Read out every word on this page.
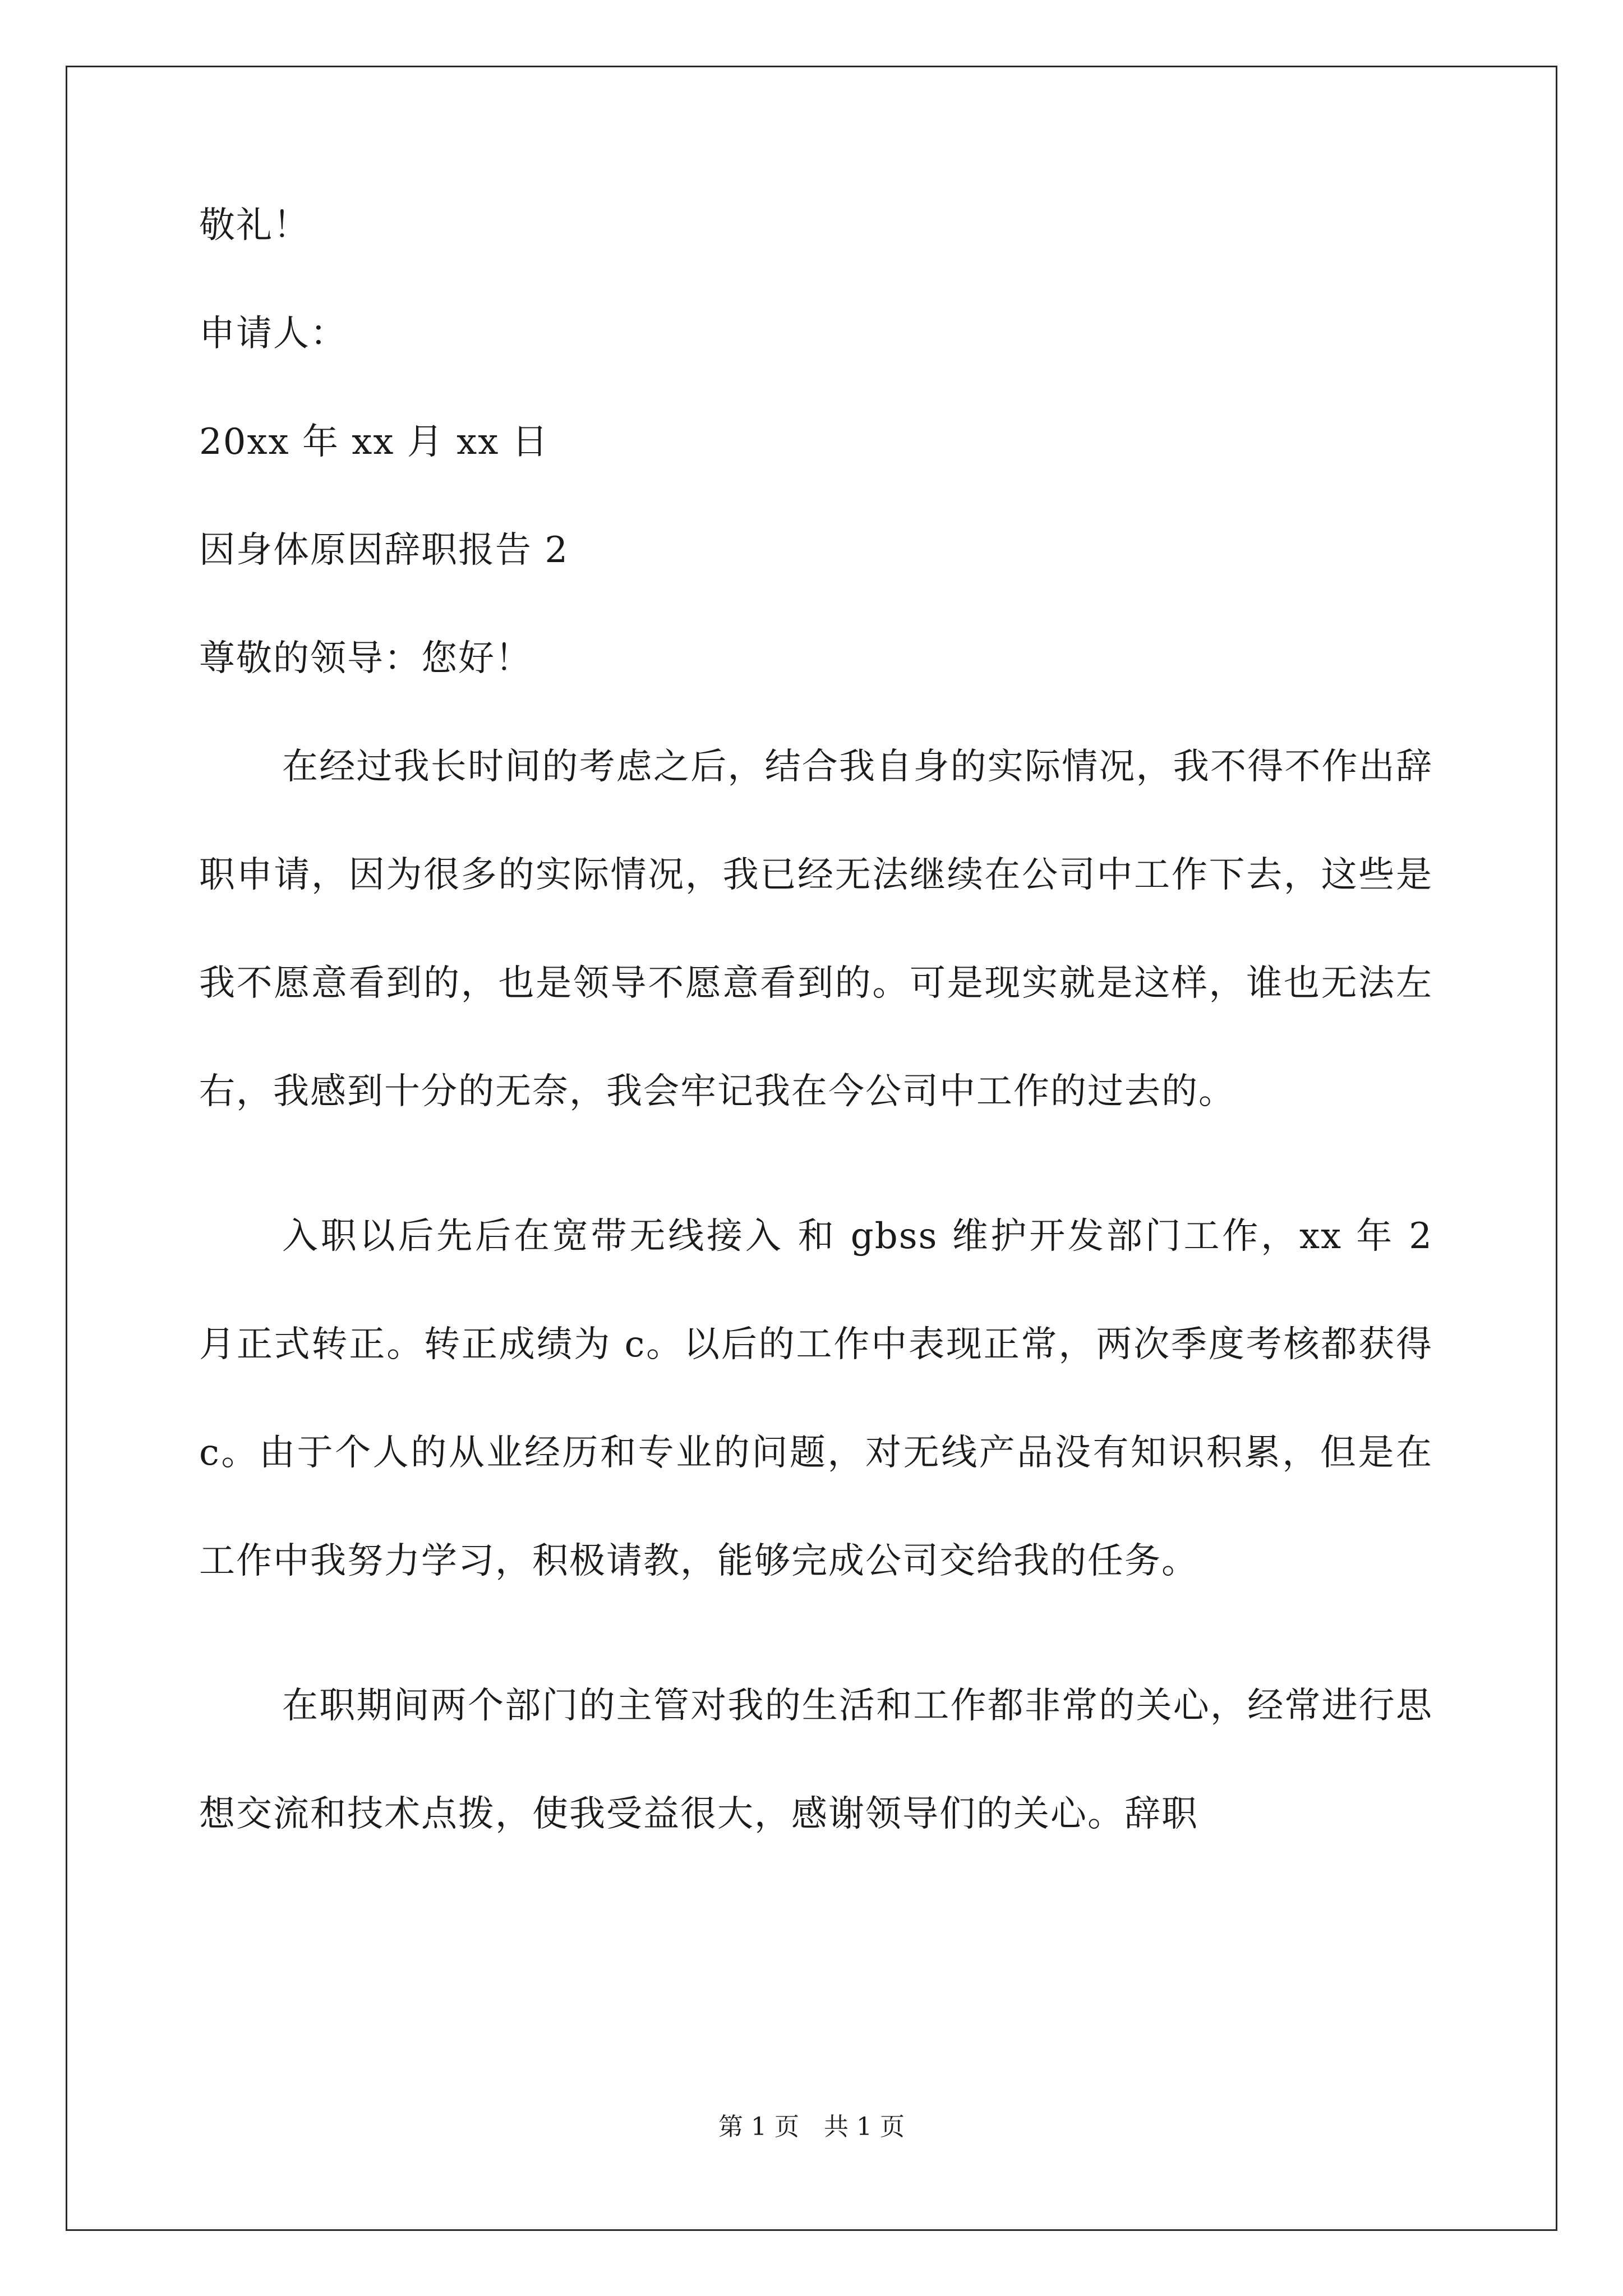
敬礼！
申请人：
20xx 年 xx 月 xx 日
因身体原因辞职报告 2
尊敬的领导：您好！

在经过我长时间的考虑之后，结合我自身的实际情况，我不得不作出辞职申请，因为很多的实际情况，我已经无法继续在公司中工作下去，这些是我不愿意看到的，也是领导不愿意看到的。可是现实就是这样，谁也无法左右，我感到十分的无奈，我会牢记我在今公司中工作的过去的。

入职以后先后在宽带无线接入 和 gbss 维护开发部门工作，xx 年 2 月正式转正。转正成绩为 c。以后的工作中表现正常，两次季度考核都获得 c。由于个人的从业经历和专业的问题，对无线产品没有知识积累，但是在工作中我努力学习，积极请教，能够完成公司交给我的任务。

在职期间两个部门的主管对我的生活和工作都非常的关心，经常进行思想交流和技术点拨，使我受益很大，感谢领导们的关心。辞职

第 1 页　共 1 页
